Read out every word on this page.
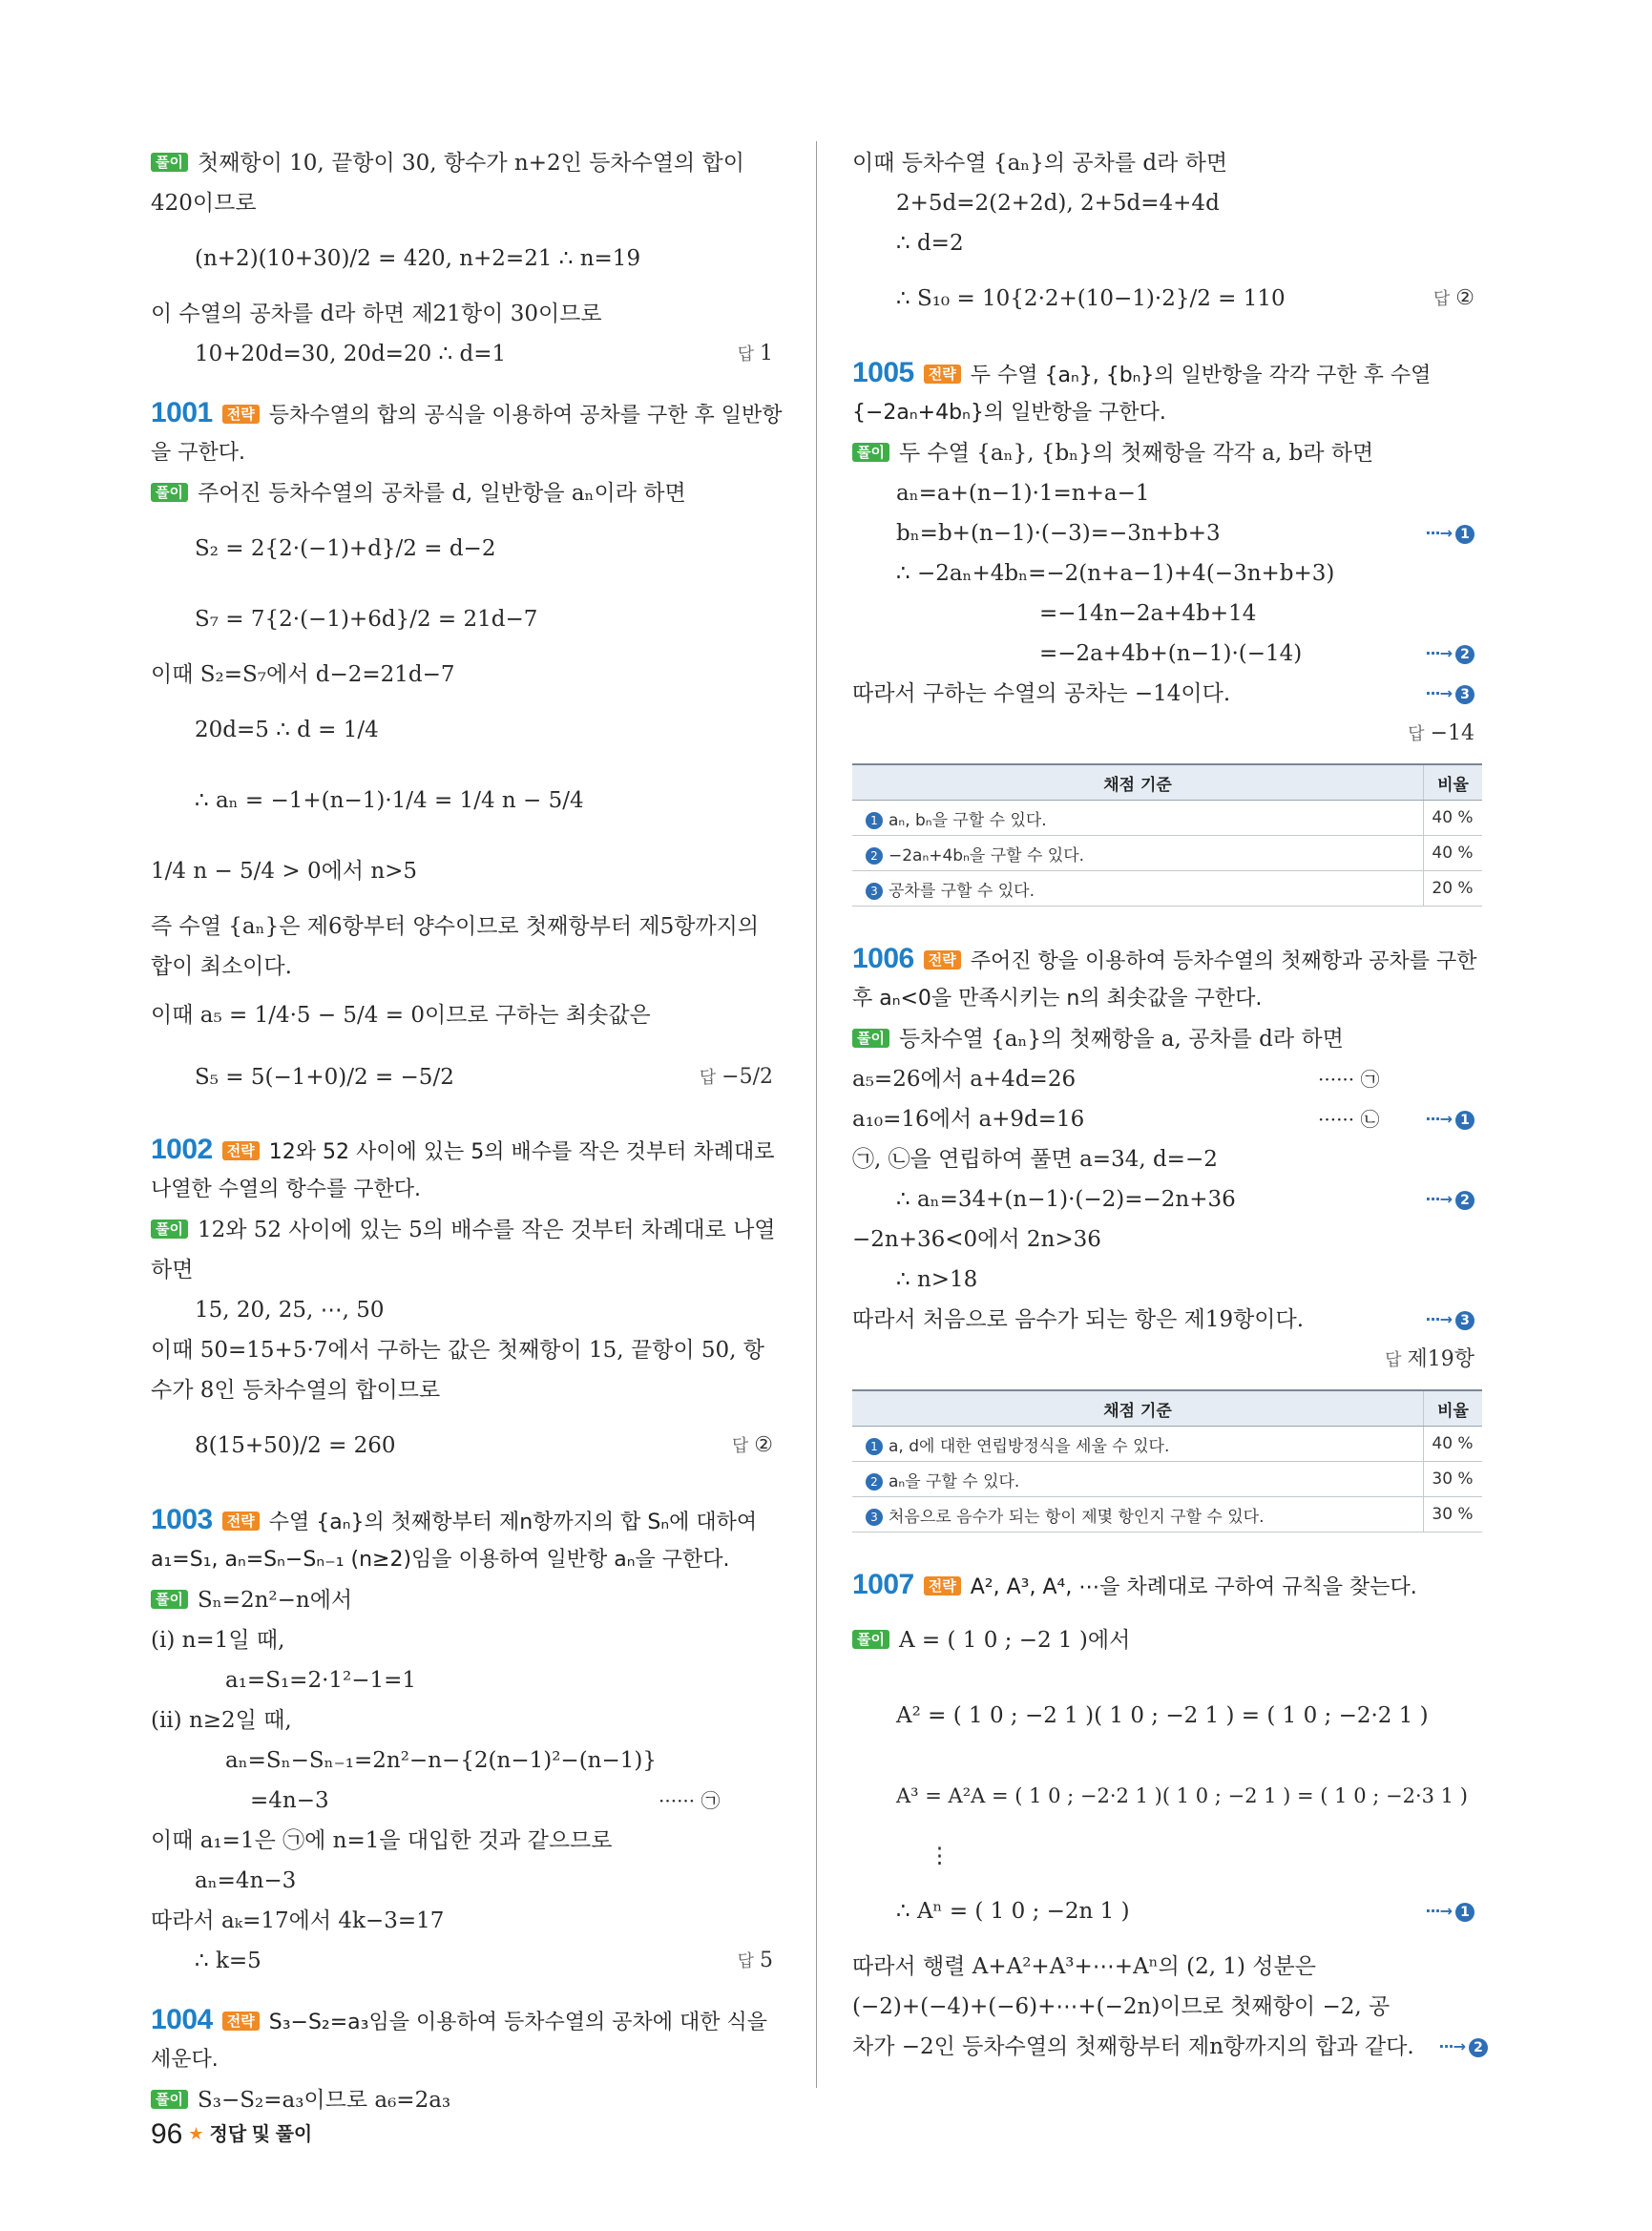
풀이 첫째항이 10, 끝항이 30, 항수가 n+2인 등차수열의 합이
420이므로
(n+2)(10+30)/2 = 420, n+2=21 ∴ n=19
이 수열의 공차를 d라 하면 제21항이 30이므로
10+20d=30, 20d=20 ∴ d=1	답 1
1001 전략 등차수열의 합의 공식을 이용하여 공차를 구한 후 일반항
을 구한다.
풀이 주어진 등차수열의 공차를 d, 일반항을 aₙ이라 하면
S₂ = 2{2·(−1)+d}/2 = d−2
S₇ = 7{2·(−1)+6d}/2 = 21d−7
이때 S₂=S₇에서 d−2=21d−7
20d=5 ∴ d = 1/4
∴ aₙ = −1+(n−1)·1/4 = 1/4 n − 5/4
1/4 n − 5/4 > 0에서 n>5
즉 수열 {aₙ}은 제6항부터 양수이므로 첫째항부터 제5항까지의
합이 최소이다.
이때 a₅ = 1/4·5 − 5/4 = 0이므로 구하는 최솟값은
S₅ = 5(−1+0)/2 = −5/2	답 −5/2
1002 전략 12와 52 사이에 있는 5의 배수를 작은 것부터 차례대로
나열한 수열의 항수를 구한다.
풀이 12와 52 사이에 있는 5의 배수를 작은 것부터 차례대로 나열
하면
15, 20, 25, ⋯, 50
이때 50=15+5·7에서 구하는 값은 첫째항이 15, 끝항이 50, 항
수가 8인 등차수열의 합이므로
8(15+50)/2 = 260	답 ②
1003 전략 수열 {aₙ}의 첫째항부터 제n항까지의 합 Sₙ에 대하여
a₁=S₁, aₙ=Sₙ−Sₙ₋₁ (n≥2)임을 이용하여 일반항 aₙ을 구한다.
풀이 Sₙ=2n²−n에서
(i) n=1일 때,
a₁=S₁=2·1²−1=1
(ii) n≥2일 때,
aₙ=Sₙ−Sₙ₋₁=2n²−n−{2(n−1)²−(n−1)}
=4n−3	······ ㉠
이때 a₁=1은 ㉠에 n=1을 대입한 것과 같으므로
aₙ=4n−3
따라서 aₖ=17에서 4k−3=17
∴ k=5	답 5
1004 전략 S₃−S₂=a₃임을 이용하여 등차수열의 공차에 대한 식을
세운다.
풀이 S₃−S₂=a₃이므로 a₆=2a₃
이때 등차수열 {aₙ}의 공차를 d라 하면
2+5d=2(2+2d), 2+5d=4+4d
∴ d=2
∴ S₁₀ = 10{2·2+(10−1)·2}/2 = 110	답 ②
1005 전략 두 수열 {aₙ}, {bₙ}의 일반항을 각각 구한 후 수열
{−2aₙ+4bₙ}의 일반항을 구한다.
풀이 두 수열 {aₙ}, {bₙ}의 첫째항을 각각 a, b라 하면
aₙ=a+(n−1)·1=n+a−1
bₙ=b+(n−1)·(−3)=−3n+b+3	···→ 1
∴ −2aₙ+4bₙ=−2(n+a−1)+4(−3n+b+3)
=−14n−2a+4b+14
=−2a+4b+(n−1)·(−14)	···→ 2
따라서 구하는 수열의 공차는 −14이다.	···→ 3
답 −14
채점 기준	비율
1 aₙ, bₙ을 구할 수 있다.	40 %
2 −2aₙ+4bₙ을 구할 수 있다.	40 %
3 공차를 구할 수 있다.	20 %
1006 전략 주어진 항을 이용하여 등차수열의 첫째항과 공차를 구한
후 aₙ<0을 만족시키는 n의 최솟값을 구한다.
풀이 등차수열 {aₙ}의 첫째항을 a, 공차를 d라 하면
a₅=26에서 a+4d=26	······ ㉠
a₁₀=16에서 a+9d=16	······ ㉡	···→ 1
㉠, ㉡을 연립하여 풀면 a=34, d=−2
∴ aₙ=34+(n−1)·(−2)=−2n+36	···→ 2
−2n+36<0에서 2n>36
∴ n>18
따라서 처음으로 음수가 되는 항은 제19항이다.	···→ 3
답 제19항
채점 기준	비율
1 a, d에 대한 연립방정식을 세울 수 있다.	40 %
2 aₙ을 구할 수 있다.	30 %
3 처음으로 음수가 되는 항이 제몇 항인지 구할 수 있다.	30 %
1007 전략 A², A³, A⁴, ⋯을 차례대로 구하여 규칙을 찾는다.
풀이 A = ( 1 0 ; −2 1 )에서
A² = ( 1 0 ; −2 1 )( 1 0 ; −2 1 ) = ( 1 0 ; −2·2 1 )
A³ = A²A = ( 1 0 ; −2·2 1 )( 1 0 ; −2 1 ) = ( 1 0 ; −2·3 1 )
⋮
∴ Aⁿ = ( 1 0 ; −2n 1 )	···→ 1
따라서 행렬 A+A²+A³+⋯+Aⁿ의 (2, 1) 성분은
(−2)+(−4)+(−6)+⋯+(−2n)이므로 첫째항이 −2, 공
차가 −2인 등차수열의 첫째항부터 제n항까지의 합과 같다. ···→ 2
96 ★ 정답 및 풀이
